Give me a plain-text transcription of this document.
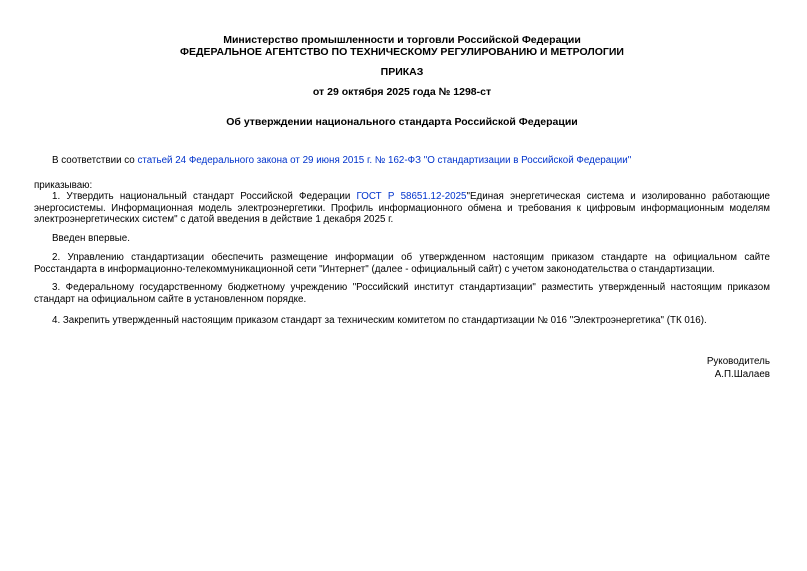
Министерство промышленности и торговли Российской Федерации

ФЕДЕРАЛЬНОЕ АГЕНТСТВО ПО ТЕХНИЧЕСКОМУ РЕГУЛИРОВАНИЮ И МЕТРОЛОГИИ

ПРИКАЗ

от 29 октября 2025 года № 1298-ст

Об утверждении национального стандарта Российской Федерации

В соответствии со статьей 24 Федерального закона от 29 июня 2015 г. № 162-ФЗ "О стандартизации в Российской Федерации"

приказываю:

1. Утвердить национальный стандарт Российской Федерации ГОСТ Р 58651.12-2025"Единая энергетическая система и изолированно работающие энергосистемы. Информационная модель электроэнергетики. Профиль информационного обмена и требования к цифровым информационным моделям электроэнергетических систем" с датой введения в действие 1 декабря 2025 г.

Введен впервые.

2. Управлению стандартизации обеспечить размещение информации об утвержденном настоящим приказом стандарте на официальном сайте Росстандарта в информационно-телекоммуникационной сети "Интернет" (далее - официальный сайт) с учетом законодательства о стандартизации.

3. Федеральному государственному бюджетному учреждению "Российский институт стандартизации" разместить утвержденный настоящим приказом стандарт на официальном сайте в установленном порядке.

4. Закрепить утвержденный настоящим приказом стандарт за техническим комитетом по стандартизации № 016 "Электроэнергетика" (ТК 016).

Руководитель

А.П.Шалаев
